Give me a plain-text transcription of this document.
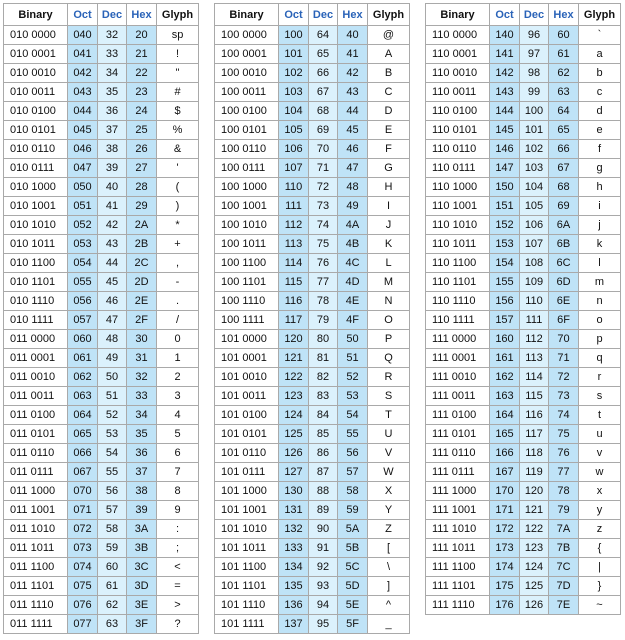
Binary	Oct	Dec	Hex	Glyph
010 0000	040	32	20	sp
010 0001	041	33	21	!
010 0010	042	34	22	"
010 0011	043	35	23	#
010 0100	044	36	24	$
010 0101	045	37	25	%
010 0110	046	38	26	&
010 0111	047	39	27	'
010 1000	050	40	28	(
010 1001	051	41	29	)
010 1010	052	42	2A	*
010 1011	053	43	2B	+
010 1100	054	44	2C	,
010 1101	055	45	2D	-
010 1110	056	46	2E	.
010 1111	057	47	2F	/
011 0000	060	48	30	0
011 0001	061	49	31	1
011 0010	062	50	32	2
011 0011	063	51	33	3
011 0100	064	52	34	4
011 0101	065	53	35	5
011 0110	066	54	36	6
011 0111	067	55	37	7
011 1000	070	56	38	8
011 1001	071	57	39	9
011 1010	072	58	3A	:
011 1011	073	59	3B	;
011 1100	074	60	3C	<
011 1101	075	61	3D	=
011 1110	076	62	3E	>
011 1111	077	63	3F	?
Binary	Oct	Dec	Hex	Glyph
100 0000	100	64	40	@
100 0001	101	65	41	A
100 0010	102	66	42	B
100 0011	103	67	43	C
100 0100	104	68	44	D
100 0101	105	69	45	E
100 0110	106	70	46	F
100 0111	107	71	47	G
100 1000	110	72	48	H
100 1001	111	73	49	I
100 1010	112	74	4A	J
100 1011	113	75	4B	K
100 1100	114	76	4C	L
100 1101	115	77	4D	M
100 1110	116	78	4E	N
100 1111	117	79	4F	O
101 0000	120	80	50	P
101 0001	121	81	51	Q
101 0010	122	82	52	R
101 0011	123	83	53	S
101 0100	124	84	54	T
101 0101	125	85	55	U
101 0110	126	86	56	V
101 0111	127	87	57	W
101 1000	130	88	58	X
101 1001	131	89	59	Y
101 1010	132	90	5A	Z
101 1011	133	91	5B	[
101 1100	134	92	5C	\
101 1101	135	93	5D	]
101 1110	136	94	5E	^
101 1111	137	95	5F	_
Binary	Oct	Dec	Hex	Glyph
110 0000	140	96	60	`
110 0001	141	97	61	a
110 0010	142	98	62	b
110 0011	143	99	63	c
110 0100	144	100	64	d
110 0101	145	101	65	e
110 0110	146	102	66	f
110 0111	147	103	67	g
110 1000	150	104	68	h
110 1001	151	105	69	i
110 1010	152	106	6A	j
110 1011	153	107	6B	k
110 1100	154	108	6C	l
110 1101	155	109	6D	m
110 1110	156	110	6E	n
110 1111	157	111	6F	o
111 0000	160	112	70	p
111 0001	161	113	71	q
111 0010	162	114	72	r
111 0011	163	115	73	s
111 0100	164	116	74	t
111 0101	165	117	75	u
111 0110	166	118	76	v
111 0111	167	119	77	w
111 1000	170	120	78	x
111 1001	171	121	79	y
111 1010	172	122	7A	z
111 1011	173	123	7B	{
111 1100	174	124	7C	|
111 1101	175	125	7D	}
111 1110	176	126	7E	~
